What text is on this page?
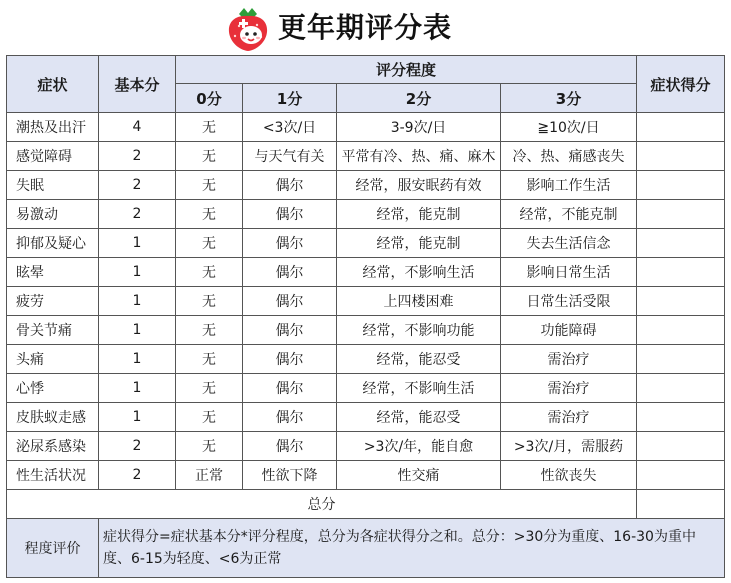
更年期评分表
症状	基本分	评分程度				症状得分
		0分	1分	2分	3分	
潮热及出汗	4	无	<3次/日	3-9次/日	≧10次/日	
感觉障碍	2	无	与天气有关	平常有冷、热、痛、麻木	冷、热、痛感丧失	
失眠	2	无	偶尔	经常，服安眠药有效	影响工作生活	
易激动	2	无	偶尔	经常，能克制	经常，不能克制	
抑郁及疑心	1	无	偶尔	经常，能克制	失去生活信念	
眩晕	1	无	偶尔	经常，不影响生活	影响日常生活	
疲劳	1	无	偶尔	上四楼困难	日常生活受限	
骨关节痛	1	无	偶尔	经常，不影响功能	功能障碍	
头痛	1	无	偶尔	经常，能忍受	需治疗	
心悸	1	无	偶尔	经常，不影响生活	需治疗	
皮肤蚁走感	1	无	偶尔	经常，能忍受	需治疗	
泌尿系感染	2	无	偶尔	>3次/年，能自愈	>3次/月，需服药	
性生活状况	2	正常	性欲下降	性交痛	性欲丧失	
总分						
程度评价	症状得分=症状基本分*评分程度，总分为各症状得分之和。总分：>30分为重度、16-30为重中度、6-15为轻度、<6为正常					
